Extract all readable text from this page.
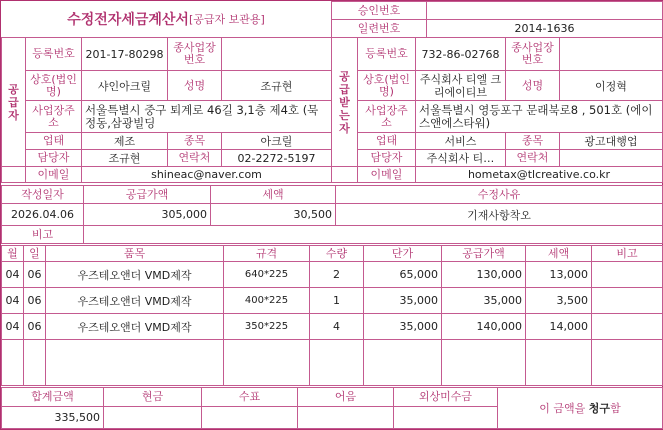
수정전자세금계산서 [공급자 보관용]
승인번호	
일련번호	2014-1636
공급자	등록번호	201-17-80298	종사업장번호	
	상호(법인명)	샤인아크릴	성명	조규현
	사업장주소	서울특별시 중구 퇴계로 46길 3,1층 제4호 (묵정동,삼광빌딩		
	업태	제조	종목	아크릴
	담당자	조규현	연락처	02-2272-5197
	이메일	shineac@naver.com		
공급받는자	등록번호	732-86-02768	종사업장번호	
	상호(법인명)	주식회사 티엘 크리에이티브	성명	이정혁
	사업장주소	서울특별시 영등포구 문래북로8 , 501호 (에이스앤에스타워)		
	업태	서비스	종목	광고대행업
	담당자	주식회사 티…	연락처	
	이메일	hometax@tlcreative.co.kr		
작성일자	공급가액	세액	수정사유
2026.04.06	305,000	30,500	기재사항착오
비고			
월	일	품목	규격	수량	단가	공급가액	세액	비고
04	06	우즈테오앤더 VMD제작	640*225	2	65,000	130,000	13,000	
04	06	우즈테오앤더 VMD제작	400*225	1	35,000	35,000	3,500	
04	06	우즈테오앤더 VMD제작	350*225	4	35,000	140,000	14,000	

합계금액	현금	수표	어음	외상미수금	이 금액을 청구함
335,500					
